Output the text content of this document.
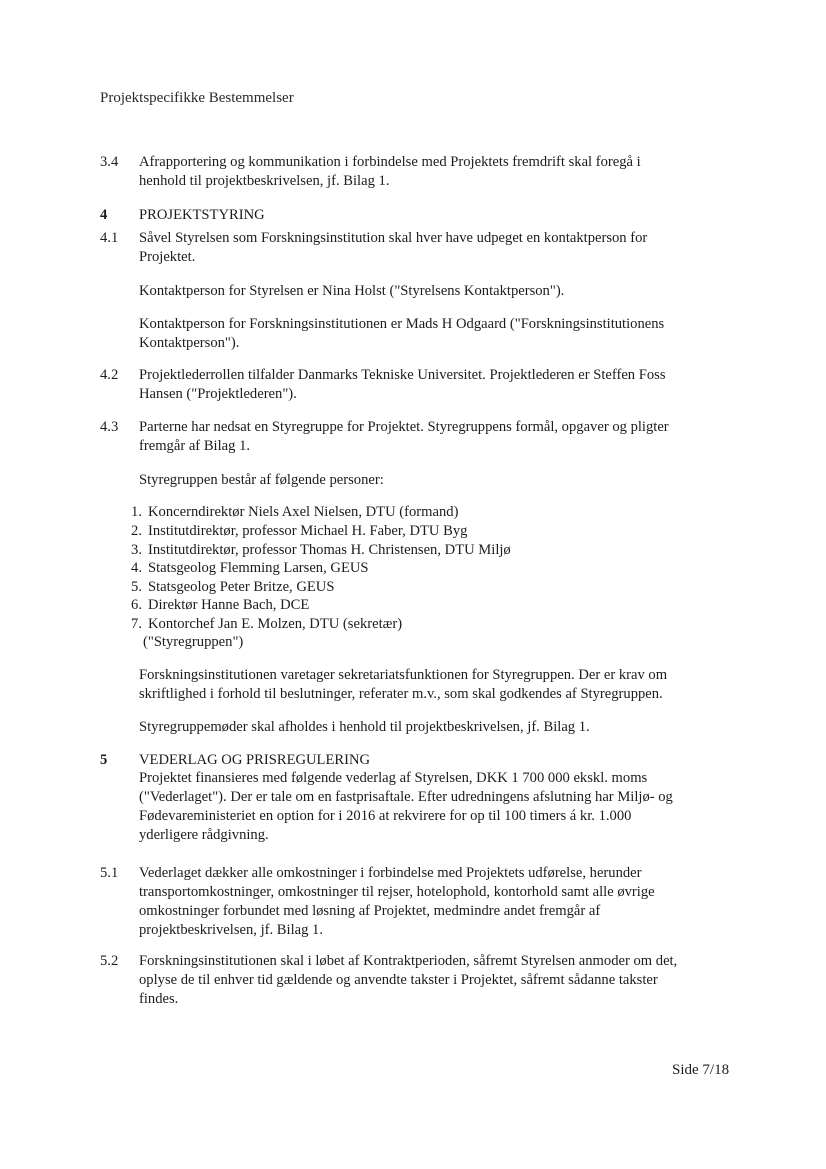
Projektspecifikke Bestemmelser
3.4	Afrapportering og kommunikation i forbindelse med Projektets fremdrift skal foregå i
henhold til projektbeskrivelsen, jf. Bilag 1.
4	PROJEKTSTYRING
4.1	Såvel Styrelsen som Forskningsinstitution skal hver have udpeget en kontaktperson for
Projektet.
Kontaktperson for Styrelsen er Nina Holst ("Styrelsens Kontaktperson").
Kontaktperson for Forskningsinstitutionen er Mads H Odgaard ("Forskningsinstitutionens
Kontaktperson").
4.2	Projektlederrollen tilfalder Danmarks Tekniske Universitet. Projektlederen er Steffen Foss
Hansen ("Projektlederen").
4.3	Parterne har nedsat en Styregruppe for Projektet. Styregruppens formål, opgaver og pligter
fremgår af Bilag 1.
Styregruppen består af følgende personer:
1. Koncerndirektør Niels Axel Nielsen, DTU (formand)
2. Institutdirektør, professor Michael H. Faber, DTU Byg
3. Institutdirektør, professor Thomas H. Christensen, DTU Miljø
4. Statsgeolog Flemming Larsen, GEUS
5. Statsgeolog Peter Britze, GEUS
6. Direktør Hanne Bach, DCE
7. Kontorchef Jan E. Molzen, DTU (sekretær)
("Styregruppen")
Forskningsinstitutionen varetager sekretariatsfunktionen for Styregruppen. Der er krav om
skriftlighed i forhold til beslutninger, referater m.v., som skal godkendes af Styregruppen.
Styregruppemøder skal afholdes i henhold til projektbeskrivelsen, jf. Bilag 1.
5	VEDERLAG OG PRISREGULERING
Projektet finansieres med følgende vederlag af Styrelsen, DKK 1 700 000 ekskl. moms
("Vederlaget"). Der er tale om en fastprisaftale. Efter udredningens afslutning har Miljø- og
Fødevareministeriet en option for i 2016 at rekvirere for op til 100 timers á kr. 1.000
yderligere rådgivning.
5.1	Vederlaget dækker alle omkostninger i forbindelse med Projektets udførelse, herunder
transportomkostninger, omkostninger til rejser, hotelophold, kontorhold samt alle øvrige
omkostninger forbundet med løsning af Projektet, medmindre andet fremgår af
projektbeskrivelsen, jf. Bilag 1.
5.2	Forskningsinstitutionen skal i løbet af Kontraktperioden, såfremt Styrelsen anmoder om det,
oplyse de til enhver tid gældende og anvendte takster i Projektet, såfremt sådanne takster
findes.
Side 7/18
